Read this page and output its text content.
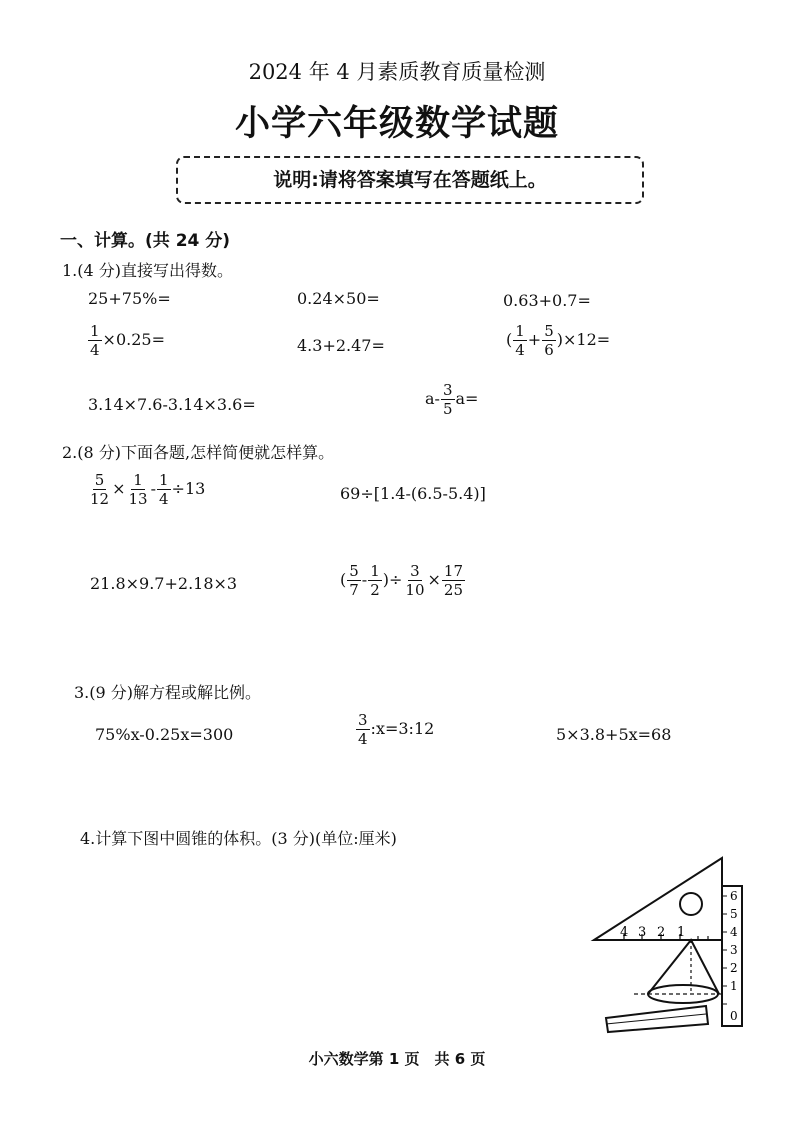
2024 年 4 月素质教育质量检测
小学六年级数学试题
说明:请将答案填写在答题纸上。
一、计算。(共 24 分)
1.(4 分)直接写出得数。
25+75%=	0.24×50=	0.63+0.7=
$\frac{1}{4} \times 0.25=$	4.3+2.47=	( $\frac{1}{4} + \frac{5}{6} )\times 12=$
3.14×7.6-3.14×3.6=	$a- \frac{3}{5} a=$
2.(8 分)下面各题,怎样简便就怎样算。
$\frac{5}{12} \times \frac{1}{13} - \frac{1}{4} \div 13$	69÷[1.4-(6.5-5.4)]
21.8×9.7+2.18×3	( $\frac{5}{7} - \frac{1}{2}$ )÷ $\frac{3}{10} \times \frac{17}{25}$
3.(9 分)解方程或解比例。
75%x-0.25x=300	$\frac{3}{4}$ :x=3:12	5×3.8+5x=68
4.计算下图中圆锥的体积。(3 分)(单位:厘米)
4 3 2 1
6
5
4
3
2
1
0
小六数学第 1 页　共 6 页
